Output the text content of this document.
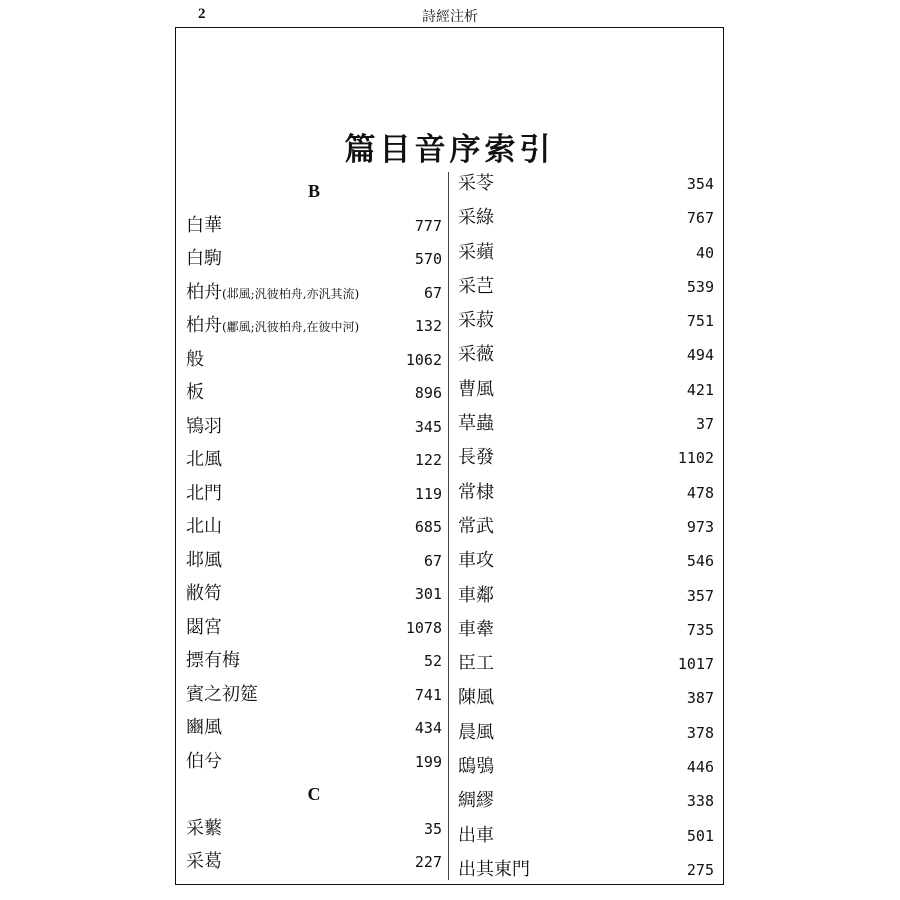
2	詩經注析
篇目音序索引
B
白華	777
白駒	570
柏舟(邶風;汎彼柏舟,亦汎其流)	67
柏舟(鄘風;汎彼柏舟,在彼中河)	132
般	1062
板	896
鴇羽	345
北風	122
北門	119
北山	685
邶風	67
敝笱	301
閟宮	1078
摽有梅	52
賓之初筵	741
豳風	434
伯兮	199
C
采蘩	35
采葛	227
采苓	354
采綠	767
采蘋	40
采芑	539
采菽	751
采薇	494
曹風	421
草蟲	37
長發	1102
常棣	478
常武	973
車攻	546
車鄰	357
車舝	735
臣工	1017
陳風	387
晨風	378
鴟鴞	446
綢繆	338
出車	501
出其東門	275
